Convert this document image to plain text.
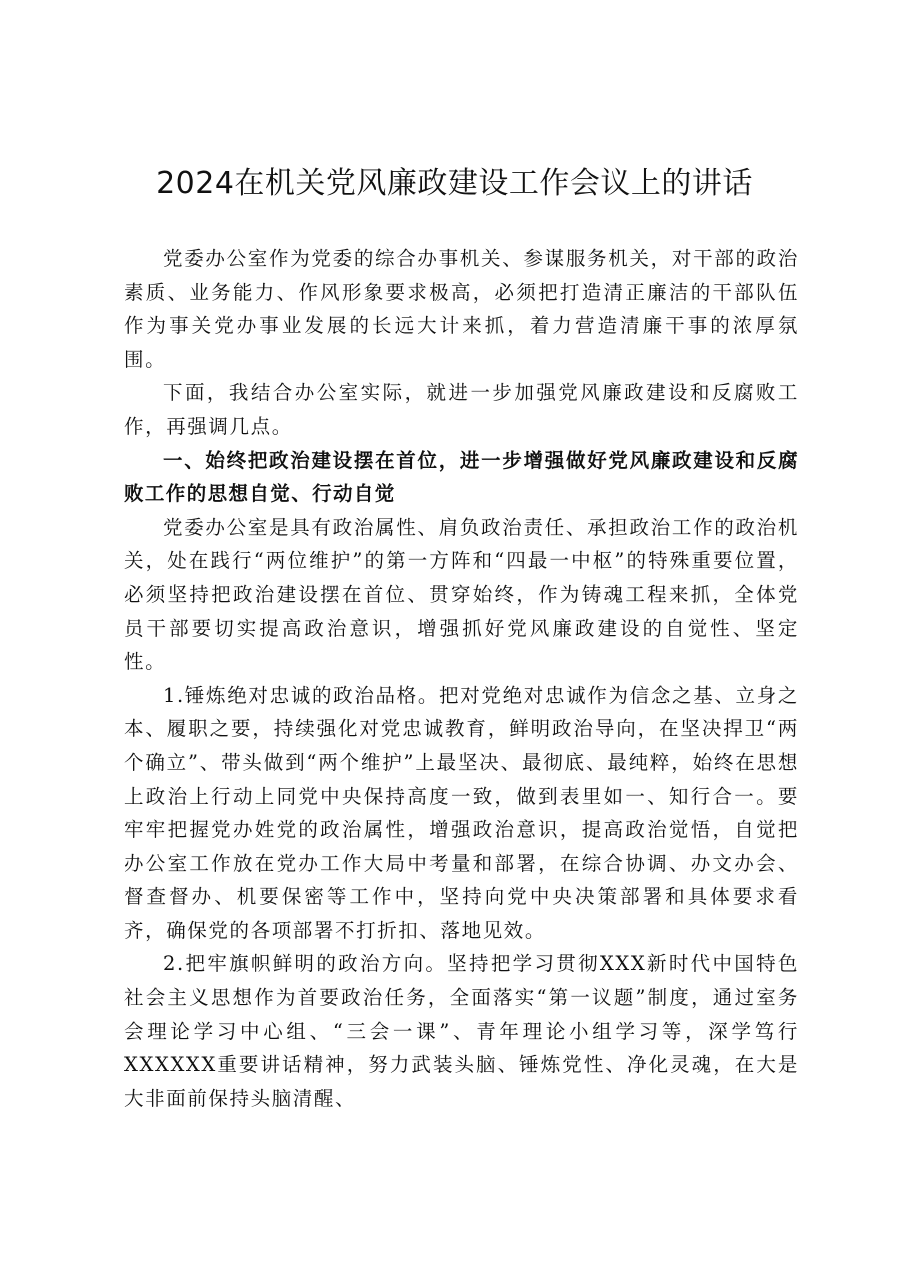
2024在机关党风廉政建设工作会议上的讲话

党委办公室作为党委的综合办事机关、参谋服务机关，对干部的政治素质、业务能力、作风形象要求极高，必须把打造清正廉洁的干部队伍作为事关党办事业发展的长远大计来抓，着力营造清廉干事的浓厚氛围。

下面，我结合办公室实际，就进一步加强党风廉政建设和反腐败工作，再强调几点。

一、始终把政治建设摆在首位，进一步增强做好党风廉政建设和反腐败工作的思想自觉、行动自觉

党委办公室是具有政治属性、肩负政治责任、承担政治工作的政治机关，处在践行“两位维护”的第一方阵和“四最一中枢”的特殊重要位置，必须坚持把政治建设摆在首位、贯穿始终，作为铸魂工程来抓，全体党员干部要切实提高政治意识，增强抓好党风廉政建设的自觉性、坚定性。

1.锤炼绝对忠诚的政治品格。把对党绝对忠诚作为信念之基、立身之本、履职之要，持续强化对党忠诚教育，鲜明政治导向，在坚决捍卫“两个确立”、带头做到“两个维护”上最坚决、最彻底、最纯粹，始终在思想上政治上行动上同党中央保持高度一致，做到表里如一、知行合一。要牢牢把握党办姓党的政治属性，增强政治意识，提高政治觉悟，自觉把办公室工作放在党办工作大局中考量和部署，在综合协调、办文办会、督查督办、机要保密等工作中，坚持向党中央决策部署和具体要求看齐，确保党的各项部署不打折扣、落地见效。

2.把牢旗帜鲜明的政治方向。坚持把学习贯彻XXX新时代中国特色社会主义思想作为首要政治任务，全面落实“第一议题”制度，通过室务会理论学习中心组、“三会一课”、青年理论小组学习等，深学笃行XXXXXX重要讲话精神，努力武装头脑、锤炼党性、净化灵魂，在大是大非面前保持头脑清醒、
